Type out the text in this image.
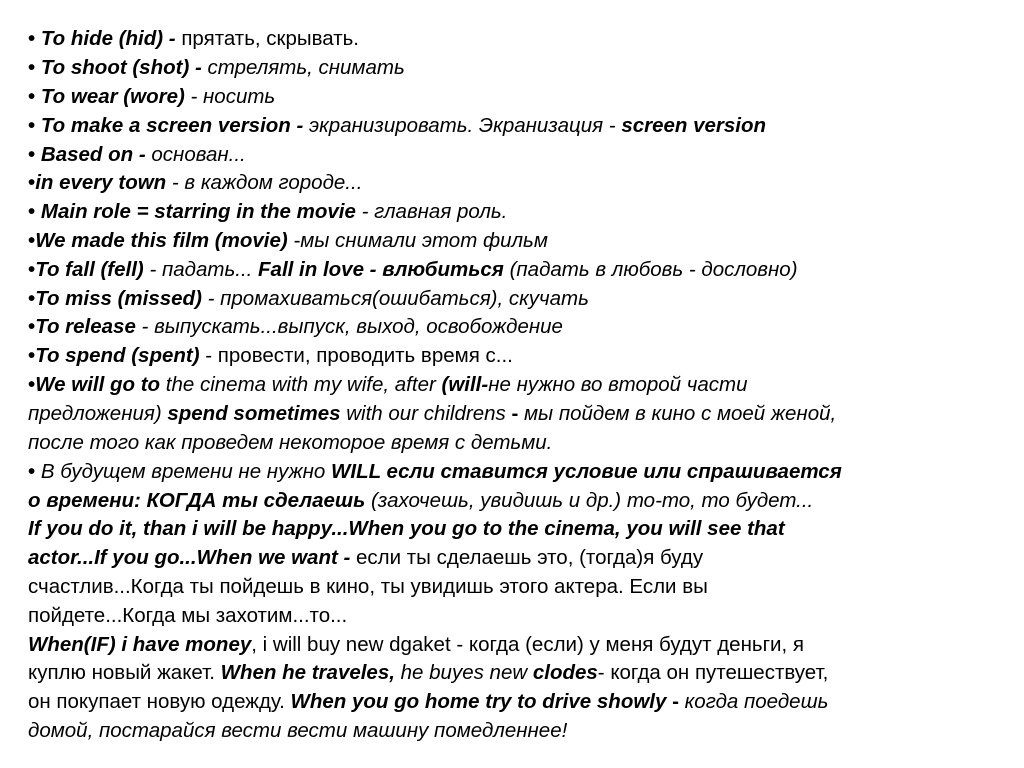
• To hide (hid) - прятать, скрывать.
• To shoot (shot) - стрелять, снимать
• To wear (wore) - носить
• To make a screen version - экранизировать. Экранизация - screen version
• Based on - основан...
•in every town - в каждом городе...
• Main role = starring in the movie - главная роль.
•We made this film (movie) -мы снимали этот фильм
•To fall (fell) - падать... Fall in love - влюбиться (падать в любовь - дословно)
•To miss (missed) - промахиваться(ошибаться), скучать
•To release - выпускать...выпуск, выход, освобождение
•To spend (spent) - провести, проводить время с...
•We will go to the cinema with my wife, after (will-не нужно во второй части
предложения) spend sometimes with our childrens - мы пойдем в кино с моей женой,
после того как проведем некоторое время с детьми.
• В будущем времени не нужно WILL если ставится условие или спрашивается
о времени: КОГДА ты сделаешь (захочешь, увидишь и др.) то-то, то будет...
If you do it, than i will be happy...When you go to the cinema, you will see that
actor...If you go...When we want - если ты сделаешь это, (тогда)я буду
счастлив...Когда ты пойдешь в кино, ты увидишь этого актера. Если вы
пойдете...Когда мы захотим...то...
When(IF) i have money, i will buy new dgaket - когда (если) у меня будут деньги, я
куплю новый жакет. When he traveles, he buyes new clodes- когда он путешествует,
он покупает новую одежду. When you go home try to drive showly - когда поедешь
домой, постарайся вести вести машину помедленнее!
